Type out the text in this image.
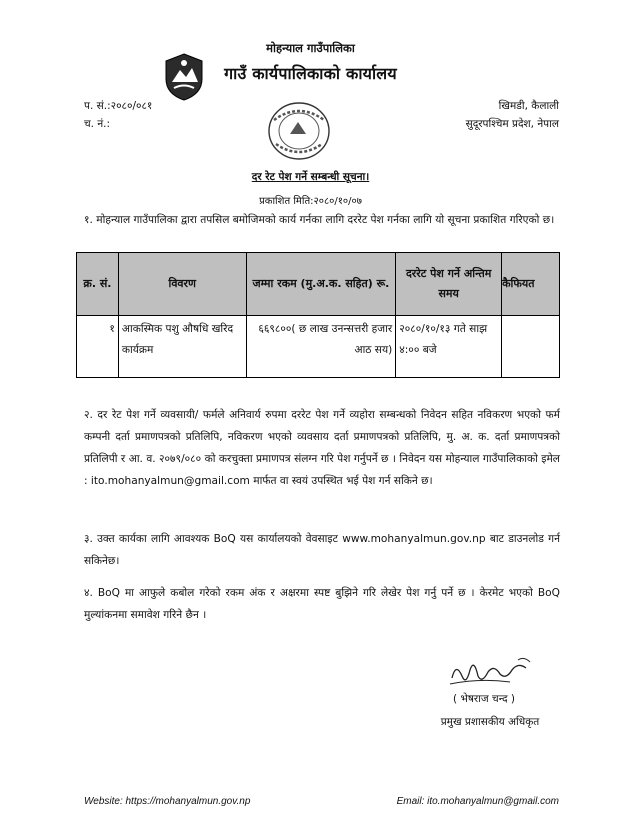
मोहन्याल गाउँपालिका
गाउँ कार्यपालिकाको कार्यालय
प. सं.:२०८०/०८१
च. नं.:
खिमडी, कैलाली
सुदूरपश्चिम प्रदेश, नेपाल
दर रेट पेश गर्ने सम्बन्धी सूचना।
प्रकाशित मिति:२०८०/१०/०७
१. मोहन्याल गाउँपालिका द्वारा तपसिल बमोजिमको कार्य गर्नका लागि दररेट पेश गर्नका लागि यो सूचना प्रकाशित गरिएको छ।
क्र. सं.	विवरण	जम्मा रकम (मु.अ.क. सहित) रू.	दररेट पेश गर्ने अन्तिम समय	कैफियत
१	आकस्मिक पशु औषधि खरिद कार्यक्रम	६६९८००( छ लाख उनन्सत्तरी हजार आठ सय)	२०८०/१०/१३ गते साझ ४:०० बजे	
२. दर रेट पेश गर्ने व्यवसायी/ फर्मले अनिवार्य रुपमा दररेट पेश गर्ने व्यहोरा सम्बन्धको निवेदन सहित नविकरण भएको फर्म कम्पनी दर्ता प्रमाणपत्रको प्रतिलिपि, नविकरण भएको व्यवसाय दर्ता प्रमाणपत्रको प्रतिलिपि, मु. अ. क. दर्ता प्रमाणपत्रको प्रतिलिपी र आ. व. २०७९/०८० को करचुक्ता प्रमाणपत्र संलग्न गरि पेश गर्नुपर्ने छ । निवेदन यस मोहन्याल गाउँपालिकाको इमेल : ito.mohanyalmun@gmail.com मार्फत वा स्वयं उपस्थित भई पेश गर्न सकिने छ।
३. उक्त कार्यका लागि आवश्यक BoQ यस कार्यालयको वेवसाइट www.mohanyalmun.gov.np बाट डाउनलोड गर्न सकिनेछ।
४. BoQ मा आफुले कबोल गरेको रकम अंक र अक्षरमा स्पष्ट बुझिने गरि लेखेर पेश गर्नु पर्ने छ । केरमेट भएको BoQ मुल्यांकनमा समावेश गरिने छैन ।
( भेषराज चन्द )
प्रमुख प्रशासकीय अधिकृत
Website: https://mohanyalmun.gov.np	Email: ito.mohanyalmun@gmail.com
